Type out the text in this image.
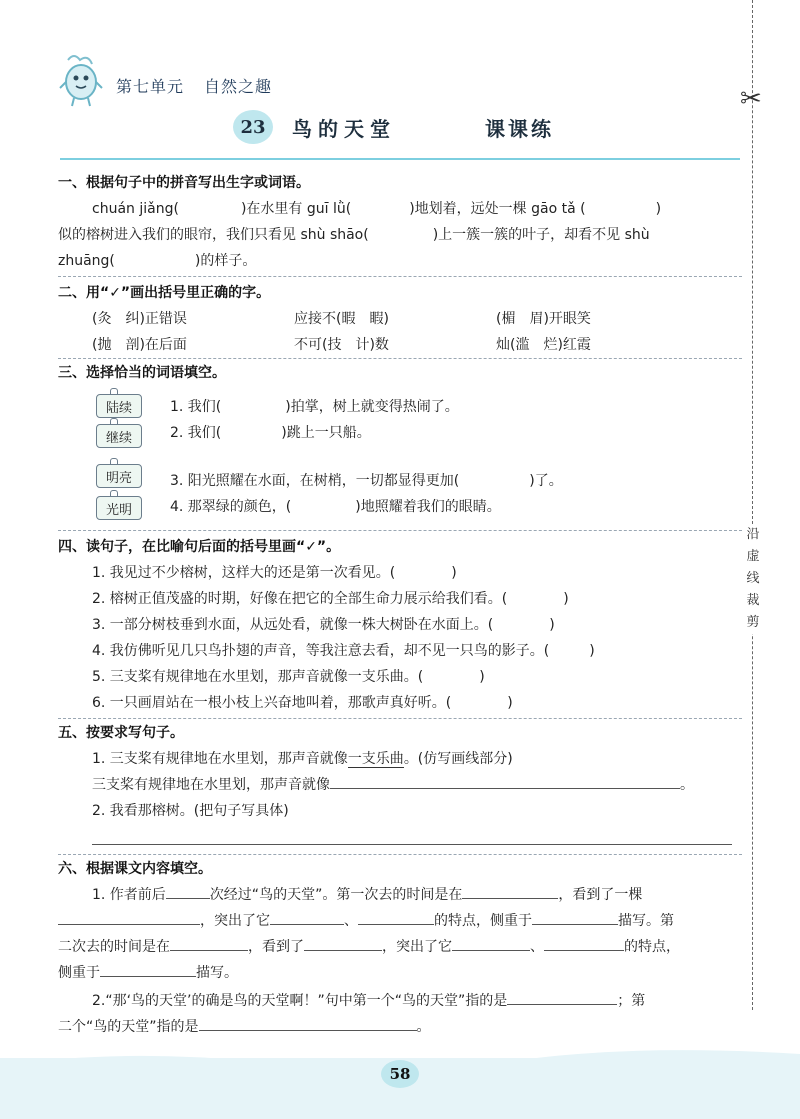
第七单元 自然之趣
23	鸟的天堂	课课练
✂
沿虚线裁剪
一、根据句子中的拼音写出生字或词语。
chuán jiǎng(	)在水里有 guī lǜ(	)地划着，远处一棵 gāo tǎ (	)
似的榕树进入我们的眼帘，我们只看见 shù shāo(	)上一簇一簇的叶子，却看不见 shù
zhuāng(	)的样子。
二、用“✓”画出括号里正确的字。
(灸　纠)正错误	应接不(暇　睱)	(楣　眉)开眼笑
(抛　剖)在后面	不可(技　计)数	灿(滥　烂)红霞
三、选择恰当的词语填空。
陆续
继续
1. 我们(	)拍掌，树上就变得热闹了。
2. 我们(	)跳上一只船。
明亮
光明
3. 阳光照耀在水面，在树梢，一切都显得更加(	)了。
4. 那翠绿的颜色，(	)地照耀着我们的眼睛。
四、读句子，在比喻句后面的括号里画“✓”。
1. 我见过不少榕树，这样大的还是第一次看见。(	)
2. 榕树正值茂盛的时期，好像在把它的全部生命力展示给我们看。(	)
3. 一部分树枝垂到水面，从远处看，就像一株大树卧在水面上。(	)
4. 我仿佛听见几只鸟扑翅的声音，等我注意去看，却不见一只鸟的影子。(	)
5. 三支桨有规律地在水里划，那声音就像一支乐曲。(	)
6. 一只画眉站在一根小枝上兴奋地叫着，那歌声真好听。(	)
五、按要求写句子。
1. 三支桨有规律地在水里划，那声音就像一支乐曲。(仿写画线部分)
三支桨有规律地在水里划，那声音就像	。
2. 我看那榕树。(把句子写具体)
六、根据课文内容填空。
1. 作者前后	次经过“鸟的天堂”。第一次去的时间是在	，看到了一棵
，突出了它	、	的特点，侧重于	描写。第
二次去的时间是在	，看到了	，突出了它	、	的特点，
侧重于	描写。
2.“那‘鸟的天堂’的确是鸟的天堂啊！”句中第一个“鸟的天堂”指的是	；第
二个“鸟的天堂”指的是	。
58
